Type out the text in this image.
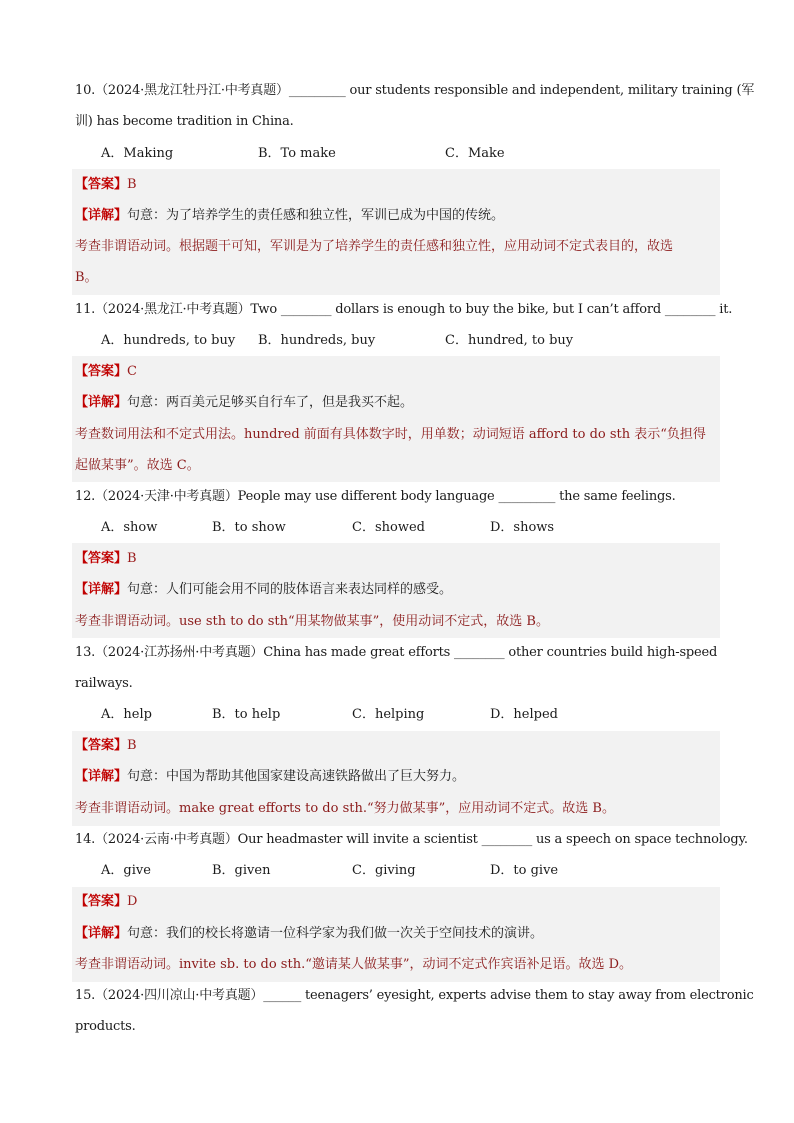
10.（2024·黑龙江牡丹江·中考真题）_________ our students responsible and independent, military training (军
训) has become tradition in China.
A．Making	B．To make	C．Make
【答案】B
【详解】句意：为了培养学生的责任感和独立性，军训已成为中国的传统。
考查非谓语动词。根据题干可知，军训是为了培养学生的责任感和独立性，应用动词不定式表目的，故选
B。
11.（2024·黑龙江·中考真题）Two ________ dollars is enough to buy the bike, but I can’t afford ________ it.
A．hundreds, to buy B．hundreds, buy	C．hundred, to buy
【答案】C
【详解】句意：两百美元足够买自行车了，但是我买不起。
考查数词用法和不定式用法。hundred 前面有具体数字时，用单数；动词短语 afford to do sth 表示“负担得
起做某事”。故选 C。
12.（2024·天津·中考真题）People may use different body language _________ the same feelings.
A．show	B．to show	C．showed	D．shows
【答案】B
【详解】句意：人们可能会用不同的肢体语言来表达同样的感受。
考查非谓语动词。use sth to do sth“用某物做某事”，使用动词不定式，故选 B。
13.（2024·江苏扬州·中考真题）China has made great efforts ________ other countries build high-speed
railways.
A．help	B．to help	C．helping	D．helped
【答案】B
【详解】句意：中国为帮助其他国家建设高速铁路做出了巨大努力。
考查非谓语动词。make great efforts to do sth.“努力做某事”，应用动词不定式。故选 B。
14.（2024·云南·中考真题）Our headmaster will invite a scientist ________ us a speech on space technology.
A．give	B．given	C．giving	D．to give
【答案】D
【详解】句意：我们的校长将邀请一位科学家为我们做一次关于空间技术的演讲。
考查非谓语动词。invite sb. to do sth.“邀请某人做某事”，动词不定式作宾语补足语。故选 D。
15.（2024·四川凉山·中考真题）______ teenagers’ eyesight, experts advise them to stay away from electronic
products.
